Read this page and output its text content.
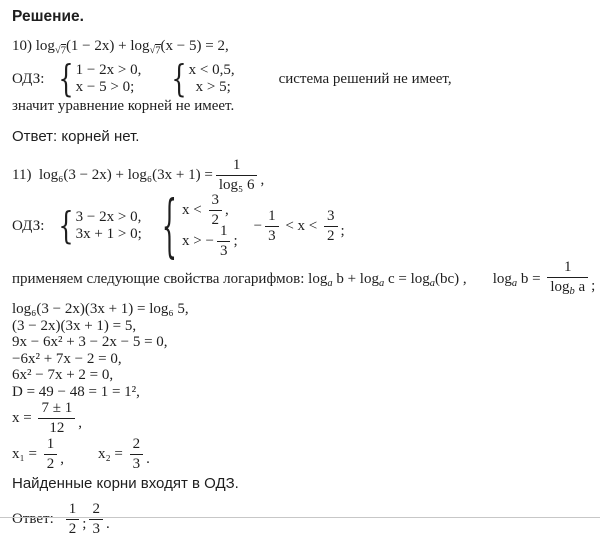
Решение.
10) $\log_{√7}(1 - 2x) + \log_{√7}(x - 5) = 2$,
ОДЗ: { 1 − 2x > 0,
x − 5 > 0; { x < 0,5,
x > 5;
система решений не имеет,
значит уравнение корней не имеет.
Ответ: корней нет.
11)  $\log_6(3 - 2x) + \log_6(3x + 1) = \frac{1}{\text{log₅ 6}}$ ,
ОДЗ: { 3 − 2x > 0,
3x + 1 > 0; { $x < \frac{3}{2}$ ,
x > − $\frac{1}{3}$ ;
− $\frac{1}{3} < x < \frac{3}{2}$ ;
применяем следующие свойства логарифмов: $\log_a b + \log_a c = \log_a(bc)$ , $\log_a b = \frac{1}{\log_b a}$ ;
log₆(3 − 2x)(3x + 1) = log₆ 5,
(3 − 2x)(3x + 1) = 5,
9x − 6x² + 3 − 2x − 5 = 0,
−6x² + 7x − 2 = 0,
6x² − 7x + 2 = 0,
D = 49 − 48 = 1 = 1²,
$x = \frac{7 \pm 1}{12}$ ,
$x_1 = \frac{1}{2}$ , $x_2 = \frac{2}{3}$ .
Найденные корни входят в ОДЗ.
Ответ: $\frac{1}{2}$ ; $\frac{2}{3}$ .
